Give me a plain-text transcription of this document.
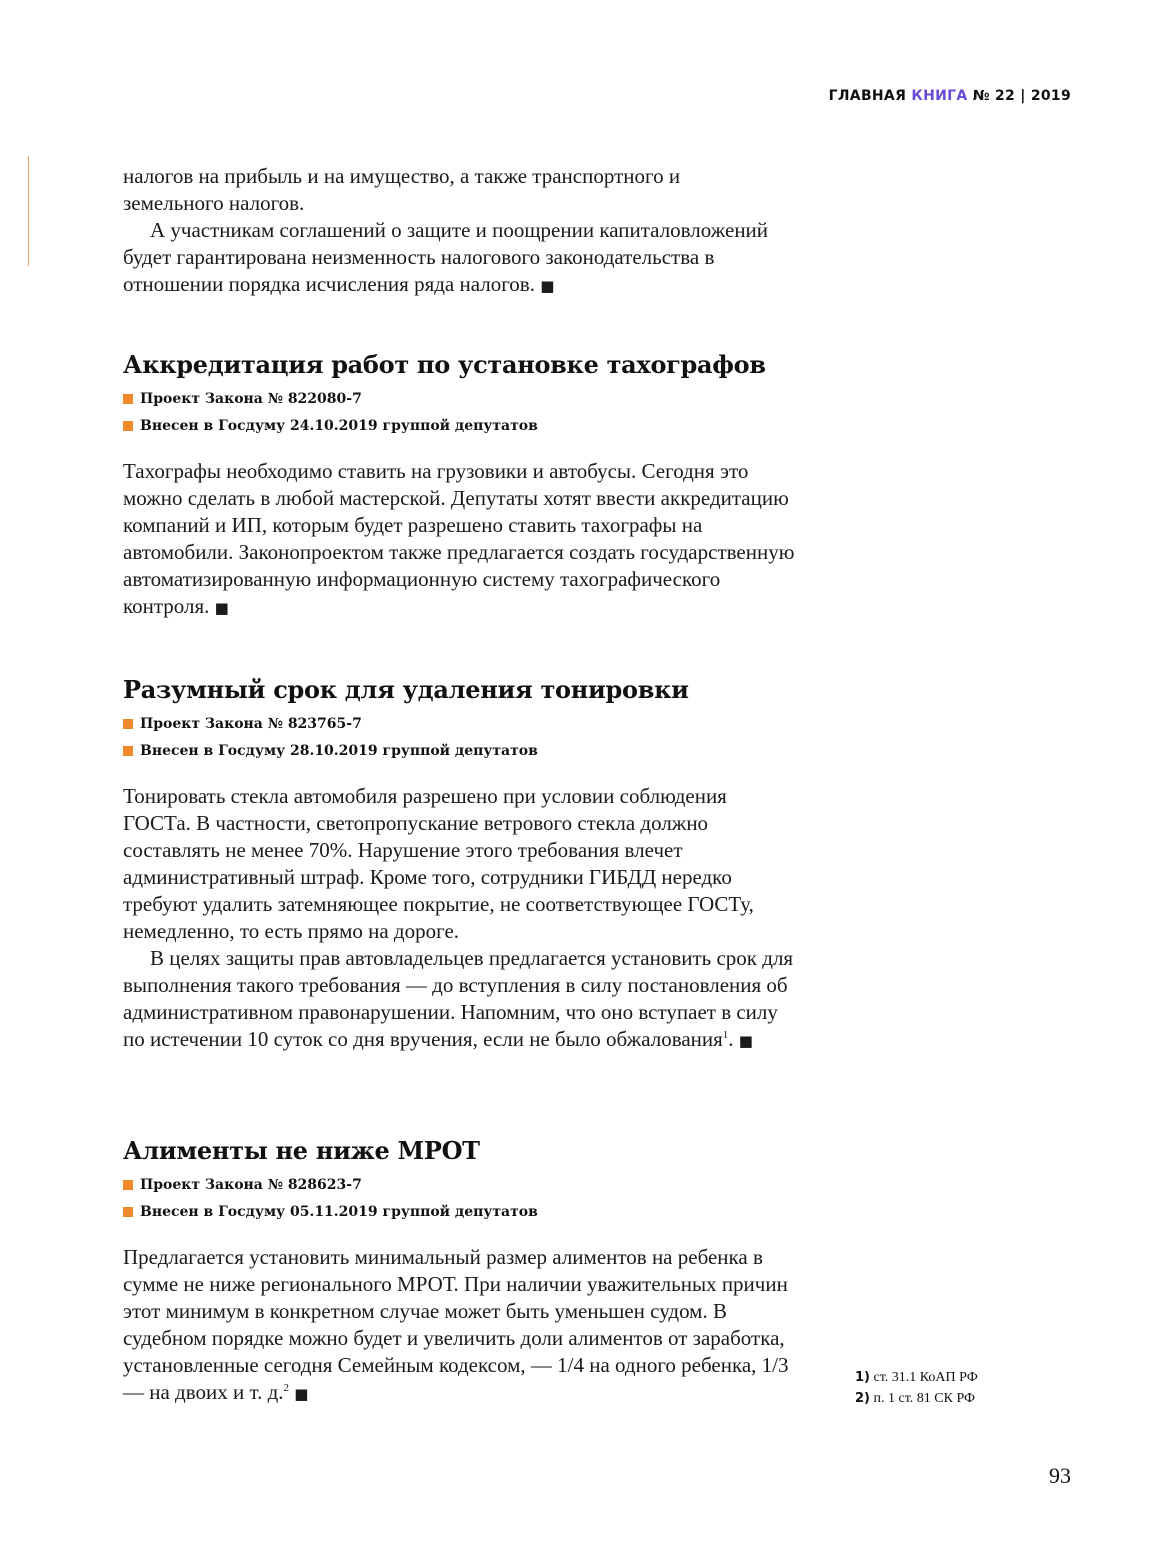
ГЛАВНАЯ КНИГА № 22 | 2019

налогов на прибыль и на имущество, а также транспортного и земельного налогов.

А участникам соглашений о защите и поощрении капиталовложений будет гарантирована неизменность налогового законодательства в отношении порядка исчисления ряда налогов. ■

Аккредитация работ по установке тахографов
Проект Закона № 822080-7
Внесен в Госдуму 24.10.2019 группой депутатов

Тахографы необходимо ставить на грузовики и автобусы. Сегодня это можно сделать в любой мастерской. Депутаты хотят ввести аккредитацию компаний и ИП, которым будет разрешено ставить тахографы на автомобили. Законопроектом также предлагается создать государственную автоматизированную информационную систему тахографического контроля. ■

Разумный срок для удаления тонировки
Проект Закона № 823765-7
Внесен в Госдуму 28.10.2019 группой депутатов

Тонировать стекла автомобиля разрешено при условии соблюдения ГОСТа. В частности, светопропускание ветрового стекла должно составлять не менее 70%. Нарушение этого требования влечет административный штраф. Кроме того, сотрудники ГИБДД нередко требуют удалить затемняющее покрытие, не соответствующее ГОСТу, немедленно, то есть прямо на дороге.

В целях защиты прав автовладельцев предлагается установить срок для выполнения такого требования — до вступления в силу постановления об административном правонарушении. Напомним, что оно вступает в силу по истечении 10 суток со дня вручения, если не было обжалования$^1$. ■

Алименты не ниже МРОТ
Проект Закона № 828623-7
Внесен в Госдуму 05.11.2019 группой депутатов

Предлагается установить минимальный размер алиментов на ребенка в сумме не ниже регионального МРОТ. При наличии уважительных причин этот минимум в конкретном случае может быть уменьшен судом. В судебном порядке можно будет и увеличить доли алиментов от заработка, установленные сегодня Семейным кодексом, — 1/4 на одного ребенка, 1/3 — на двоих и т. д.$^2$ ■

1) ст. 31.1 КоАП РФ
2) п. 1 ст. 81 СК РФ
93
